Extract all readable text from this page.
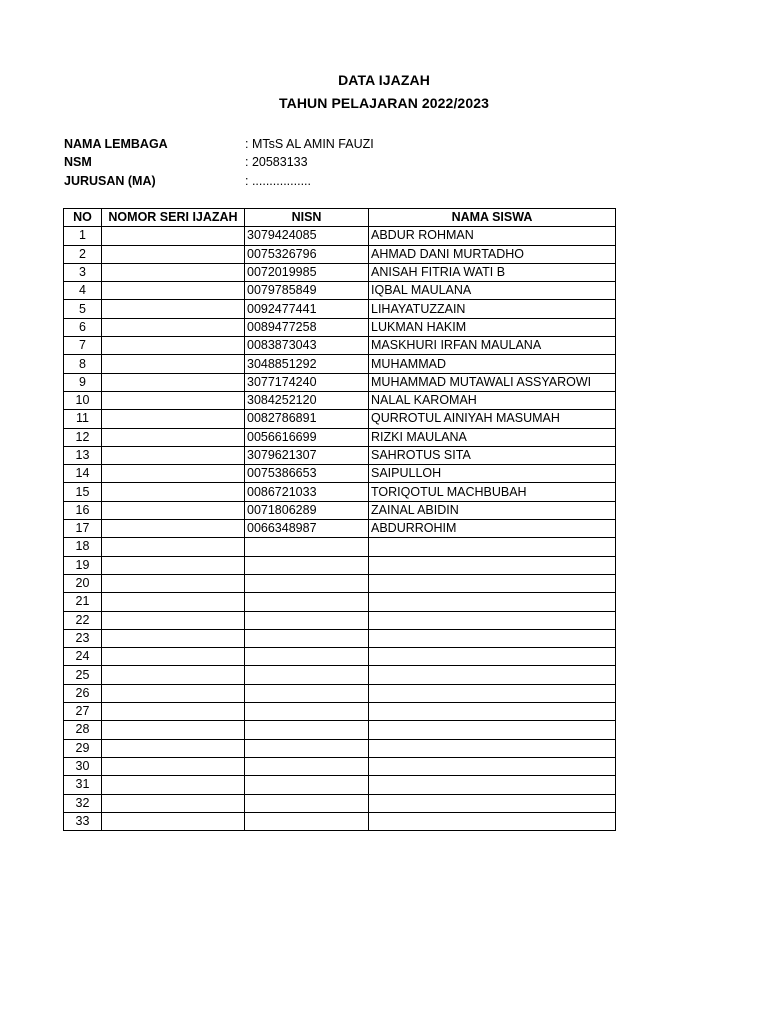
DATA IJAZAH
TAHUN PELAJARAN 2022/2023
NAMA LEMBAGA	: MTsS AL AMIN FAUZI
NSM	: 20583133
JURUSAN (MA)	: .................
NO	NOMOR SERI IJAZAH	NISN	NAMA SISWA
1		3079424085	ABDUR ROHMAN
2		0075326796	AHMAD DANI MURTADHO
3		0072019985	ANISAH FITRIA WATI B
4		0079785849	IQBAL MAULANA
5		0092477441	LIHAYATUZZAIN
6		0089477258	LUKMAN HAKIM
7		0083873043	MASKHURI IRFAN MAULANA
8		3048851292	MUHAMMAD
9		3077174240	MUHAMMAD MUTAWALI ASSYAROWI
10		3084252120	NALAL KAROMAH
11		0082786891	QURROTUL AINIYAH MASUMAH
12		0056616699	RIZKI MAULANA
13		3079621307	SAHROTUS SITA
14		0075386653	SAIPULLOH
15		0086721033	TORIQOTUL MACHBUBAH
16		0071806289	ZAINAL ABIDIN
17		0066348987	ABDURROHIM
18			
19			
20			
21			
22			
23			
24			
25			
26			
27			
28			
29			
30			
31			
32			
33			
